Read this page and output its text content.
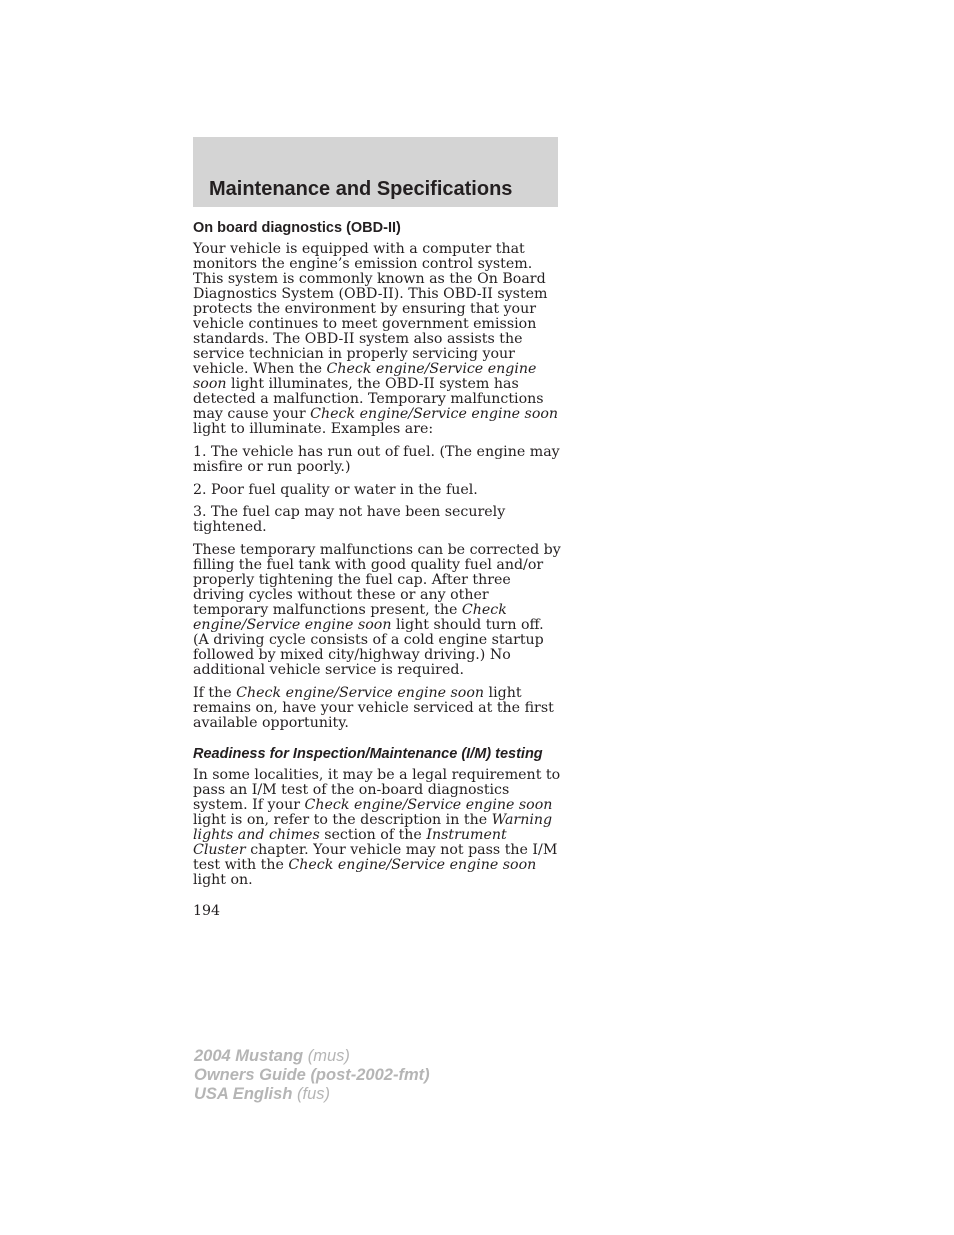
Maintenance and Specifications
On board diagnostics (OBD-II)

Your vehicle is equipped with a computer that monitors the engine’s emission control system. This system is commonly known as the On Board Diagnostics System (OBD-II). This OBD-II system protects the environment by ensuring that your vehicle continues to meet government emission standards. The OBD-II system also assists the service technician in properly servicing your vehicle. When the Check engine/Service engine soon light illuminates, the OBD-II system has detected a malfunction. Temporary malfunctions may cause your Check engine/Service engine soon light to illuminate. Examples are:

1. The vehicle has run out of fuel. (The engine may misfire or run poorly.)

2. Poor fuel quality or water in the fuel.

3. The fuel cap may not have been securely tightened.

These temporary malfunctions can be corrected by filling the fuel tank with good quality fuel and/or properly tightening the fuel cap. After three driving cycles without these or any other temporary malfunctions present, the Check engine/Service engine soon light should turn off. (A driving cycle consists of a cold engine startup followed by mixed city/highway driving.) No additional vehicle service is required.

If the Check engine/Service engine soon light remains on, have your vehicle serviced at the first available opportunity.

Readiness for Inspection/Maintenance (I/M) testing

In some localities, it may be a legal requirement to pass an I/M test of the on-board diagnostics system. If your Check engine/Service engine soon light is on, refer to the description in the Warning lights and chimes section of the Instrument Cluster chapter. Your vehicle may not pass the I/M test with the Check engine/Service engine soon light on.

194
2004 Mustang (mus)
Owners Guide (post-2002-fmt)
USA English (fus)
